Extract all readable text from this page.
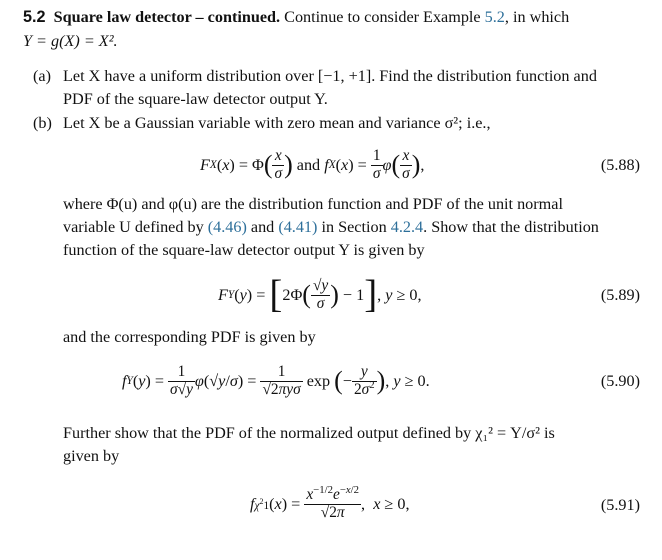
5.2 Square law detector – continued. Continue to consider Example 5.2, in which
Y = g(X) = X².
(a) Let X have a uniform distribution over [−1, +1]. Find the distribution function and
PDF of the square-law detector output Y.
(b) Let X be a Gaussian variable with zero mean and variance σ²; i.e.,
F X ( x ) = Φ ( $\frac{x}{\sigma}$ ) and f X ( x ) = $\frac{1}{\sigma}$ φ ( $\frac{x}{\sigma}$ ) ,	(5.88)
where Φ(u) and φ(u) are the distribution function and PDF of the unit normal
variable U defined by (4.46) and (4.41) in Section 4.2.4. Show that the distribution
function of the square-law detector output Y is given by
F Y ( y ) = [ 2Φ ( $\frac{√y}{\sigma}$ ) − 1 ] , y ≥ 0,	(5.89)
and the corresponding PDF is given by
f Y ( y ) = $\frac{1}{\sigma√y}$ φ (√ y / σ ) = $\frac{1}{\text{√2πyσ}}$ exp ( − $\frac{y}{2\sigma^2}$ ) , y ≥ 0.	(5.90)
Further show that the PDF of the normalized output defined by χ₁² = Y/σ² is
given by
f $\chi^21$ ( x ) = $\frac{x^{-1/2}e^{-x/2}}{√2\pi}$ , x ≥ 0,	(5.91)
